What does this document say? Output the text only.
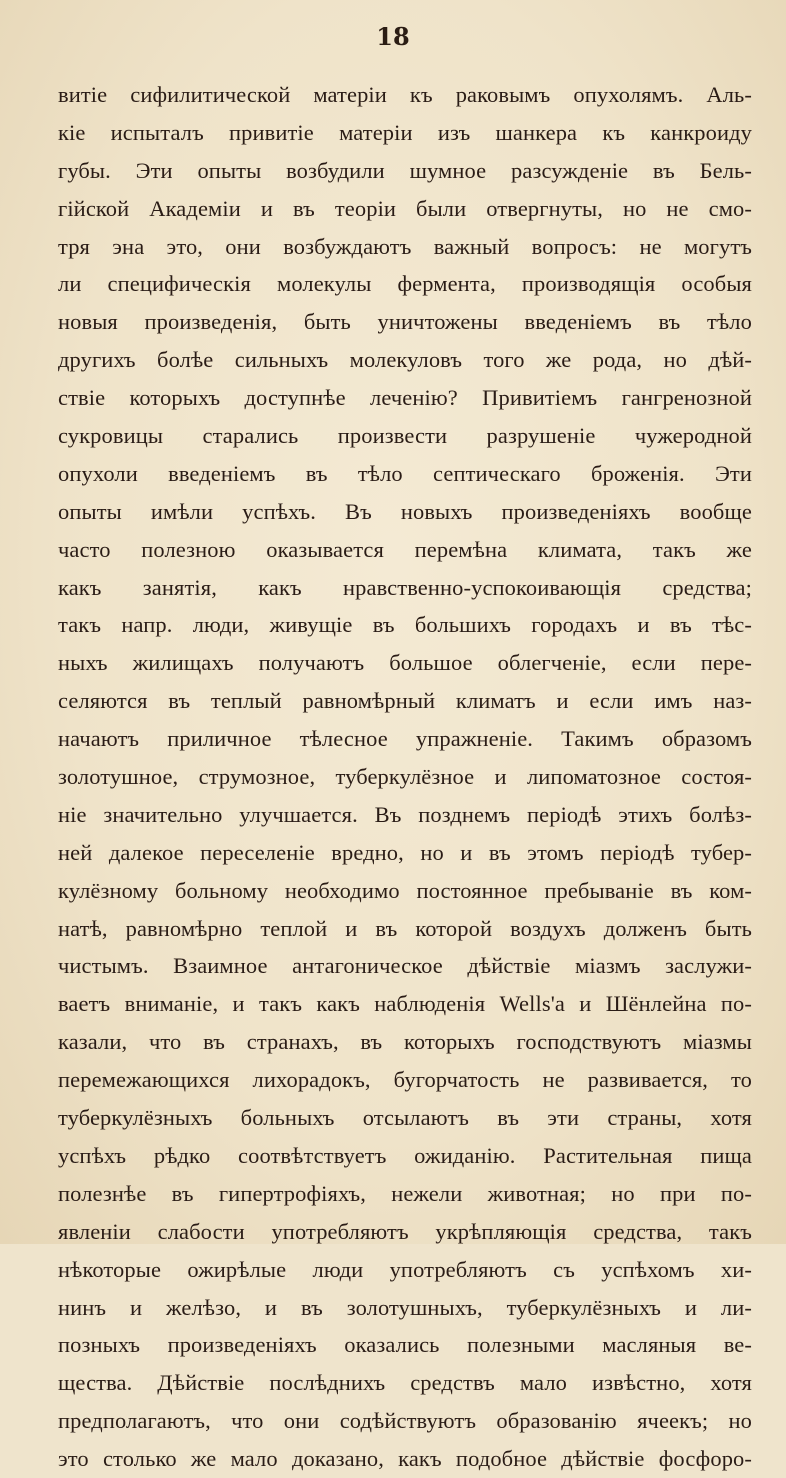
18
витіе сифилитической матеріи къ раковымъ опухолямъ. Аль-
кіе испыталъ привитіе матеріи изъ шанкера къ канкроиду
губы. Эти опыты возбудили шумное разсужденіе въ Бель-
гійской Академіи и въ теоріи были отвергнуты, но не смо-
тря эна это, они возбуждаютъ важный вопросъ: не могутъ
ли специфическія молекулы фермента, производящія особыя
новыя произведенія, быть уничтожены введеніемъ въ тѣло
другихъ болѣе сильныхъ молекуловъ того же рода, но дѣй-
ствіе которыхъ доступнѣе леченію? Привитіемъ гангренозной
сукровицы старались произвести разрушеніе чужеродной
опухоли введеніемъ въ тѣло септическаго броженія. Эти
опыты имѣли успѣхъ. Въ новыхъ произведеніяхъ вообще
часто полезною оказывается перемѣна климата, такъ же
какъ занятія, какъ нравственно-успокоивающія средства;
такъ напр. люди, живущіе въ большихъ городахъ и въ тѣс-
ныхъ жилищахъ получаютъ большое облегченіе, если пере-
селяются въ теплый равномѣрный климатъ и если имъ наз-
начаютъ приличное тѣлесное упражненіе. Такимъ образомъ
золотушное, струмозное, туберкулёзное и липоматозное состоя-
ніе значительно улучшается. Въ позднемъ періодѣ этихъ болѣз-
ней далекое переселеніе вредно, но и въ этомъ періодѣ тубер-
кулёзному больному необходимо постоянное пребываніе въ ком-
натѣ, равномѣрно теплой и въ которой воздухъ долженъ быть
чистымъ. Взаимное антагоническое дѣйствіе міазмъ заслужи-
ваетъ вниманіе, и такъ какъ наблюденія Wells'а и Шёнлейна по-
казали, что въ странахъ, въ которыхъ господствуютъ міазмы
перемежающихся лихорадокъ, бугорчатость не развивается, то
туберкулёзныхъ больныхъ отсылаютъ въ эти страны, хотя
успѣхъ рѣдко соотвѣтствуетъ ожиданію. Растительная пища
полезнѣе въ гипертрофіяхъ, нежели животная; но при по-
явленіи слабости употребляютъ укрѣпляющія средства, такъ
нѣкоторые ожирѣлые люди употребляютъ съ успѣхомъ хи-
нинъ и желѣзо, и въ золотушныхъ, туберкулёзныхъ и ли-
позныхъ произведеніяхъ оказались полезными масляныя ве-
щества. Дѣйствіе послѣднихъ средствъ мало извѣстно, хотя
предполагаютъ, что они содѣйствуютъ образованію ячеекъ; но
это столько же мало доказано, какъ подобное дѣйствіе фосфоро-
